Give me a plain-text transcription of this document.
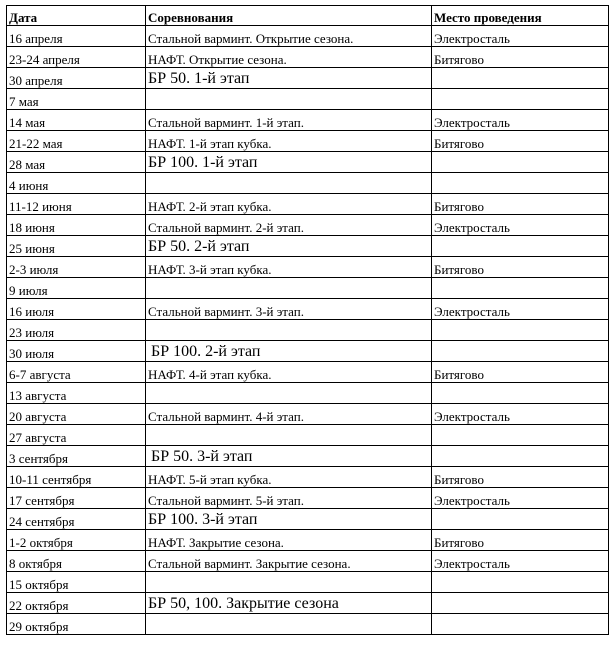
Дата	Соревнования	Место проведения
16 апреля	Стальной варминт. Открытие сезона.	Электросталь
23-24 апреля	НАФТ. Открытие сезона.	Битягово
30 апреля	БР 50. 1-й этап	
7 мая		
14 мая	Стальной варминт. 1-й этап.	Электросталь
21-22 мая	НАФТ. 1-й этап кубка.	Битягово
28 мая	БР 100. 1-й этап	
4 июня		
11-12 июня	НАФТ. 2-й этап кубка.	Битягово
18 июня	Стальной варминт. 2-й этап.	Электросталь
25 июня	БР 50. 2-й этап	
2-3 июля	НАФТ. 3-й этап кубка.	Битягово
9 июля		
16 июля	Стальной варминт. 3-й этап.	Электросталь
23 июля		
30 июля	БР 100. 2-й этап	
6-7 августа	НАФТ. 4-й этап кубка.	Битягово
13 августа		
20 августа	Стальной варминт. 4-й этап.	Электросталь
27 августа		
3 сентября	БР 50. 3-й этап	
10-11 сентября	НАФТ. 5-й этап кубка.	Битягово
17 сентября	Стальной варминт. 5-й этап.	Электросталь
24 сентября	БР 100. 3-й этап	
1-2 октября	НАФТ. Закрытие сезона.	Битягово
8 октября	Стальной варминт. Закрытие сезона.	Электросталь
15 октября		
22 октября	БР 50, 100. Закрытие сезона	
29 октября		
